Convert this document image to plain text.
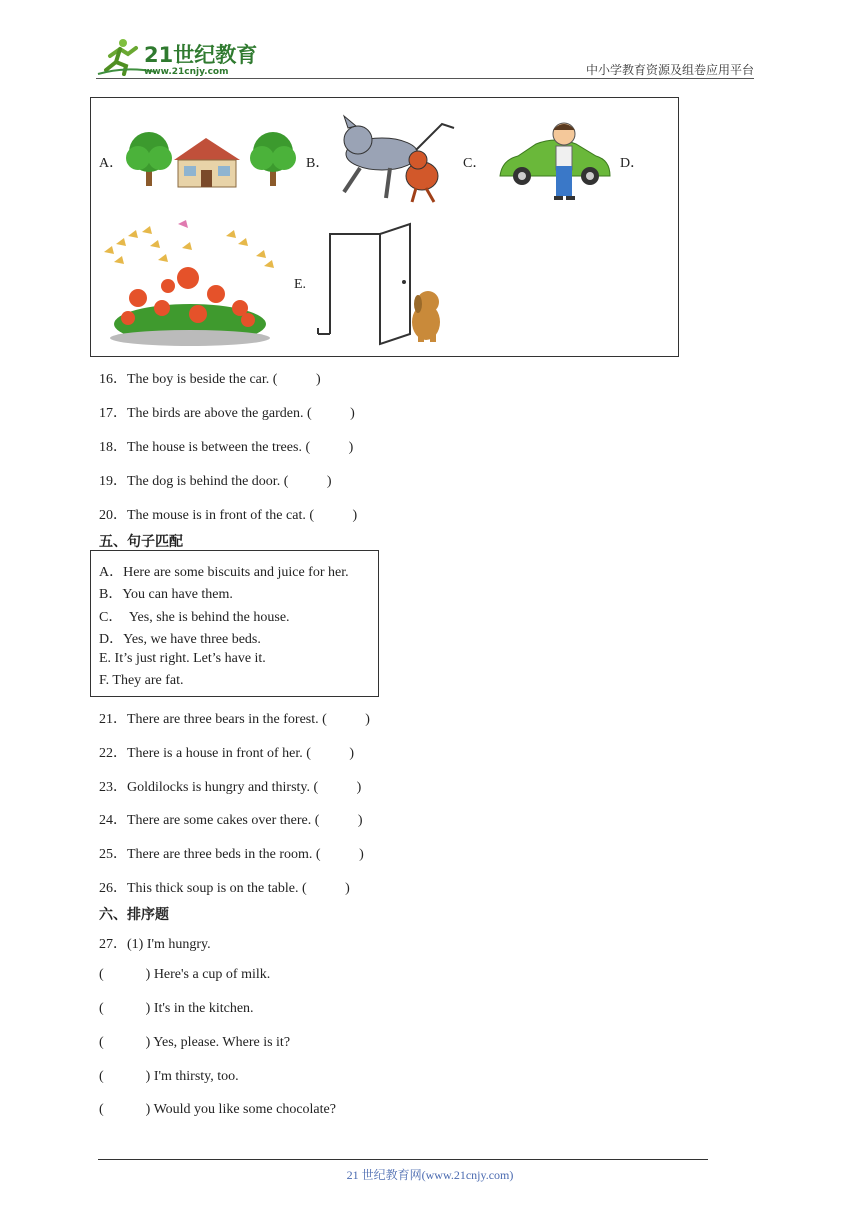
21世纪教育
www.21cnjy.com	中小学教育资源及组卷应用平台
A．	B．	C．	D．
E.
16．The boy is beside the car. (           )
17．The birds are above the garden. (           )
18．The house is between the trees. (           )
19．The dog is behind the door. (           )
20．The mouse is in front of the cat. (           )
五、句子匹配
A．Here are some biscuits and juice for her.
B．You can have them.
C．  Yes, she is behind the house.
D．Yes, we have three beds.
E. It’s just right. Let’s have it.
F. They are fat.
21．There are three bears in the forest. (           )
22．There is a house in front of her. (           )
23．Goldilocks is hungry and thirsty. (           )
24．There are some cakes over there. (           )
25．There are three beds in the room. (           )
26．This thick soup is on the table. (           )
六、排序题
27．(1) I'm hungry.
(            ) Here's a cup of milk.
(            ) It's in the kitchen.
(            ) Yes, please. Where is it?
(            ) I'm thirsty, too.
(            ) Would you like some chocolate?
21 世纪教育网(www.21cnjy.com)
